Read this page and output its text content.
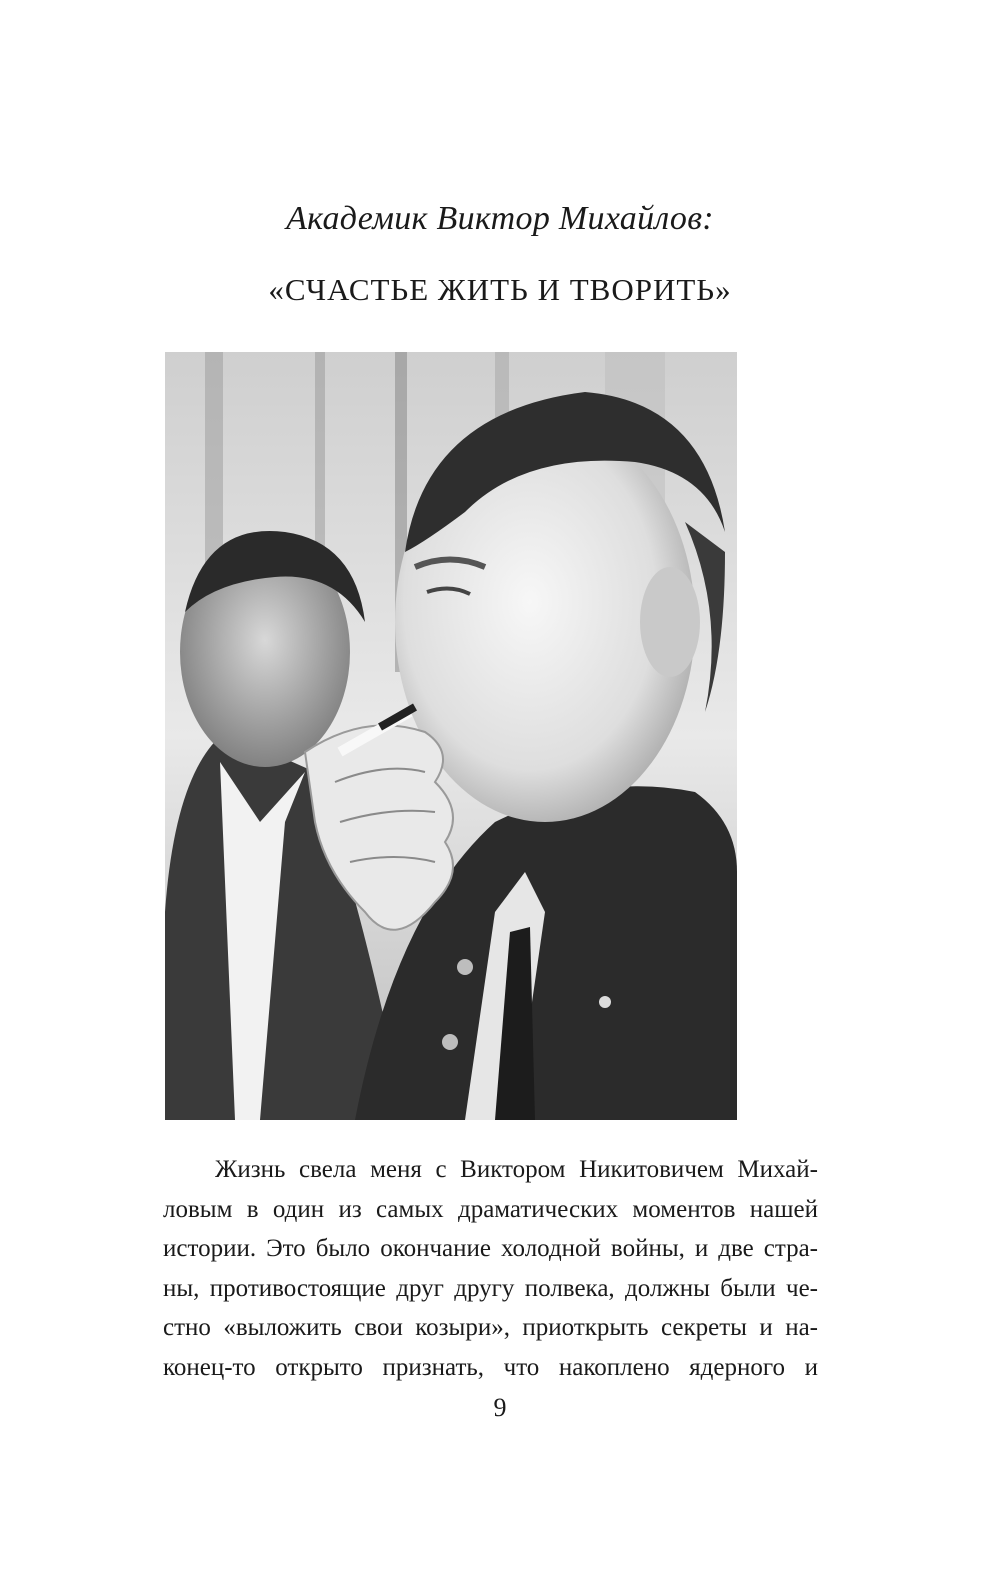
Академик Виктор Михайлов:
«СЧАСТЬЕ ЖИТЬ И ТВОРИТЬ»

Жизнь свела меня с Виктором Никитовичем Михай-
ловым в один из самых драматических моментов нашей
истории. Это было окончание холодной войны, и две стра-
ны, противостоящие друг другу полвека, должны были че-
стно «выложить свои козыри», приоткрыть секреты и на-
конец-то открыто признать, что накоплено ядерного и

9
